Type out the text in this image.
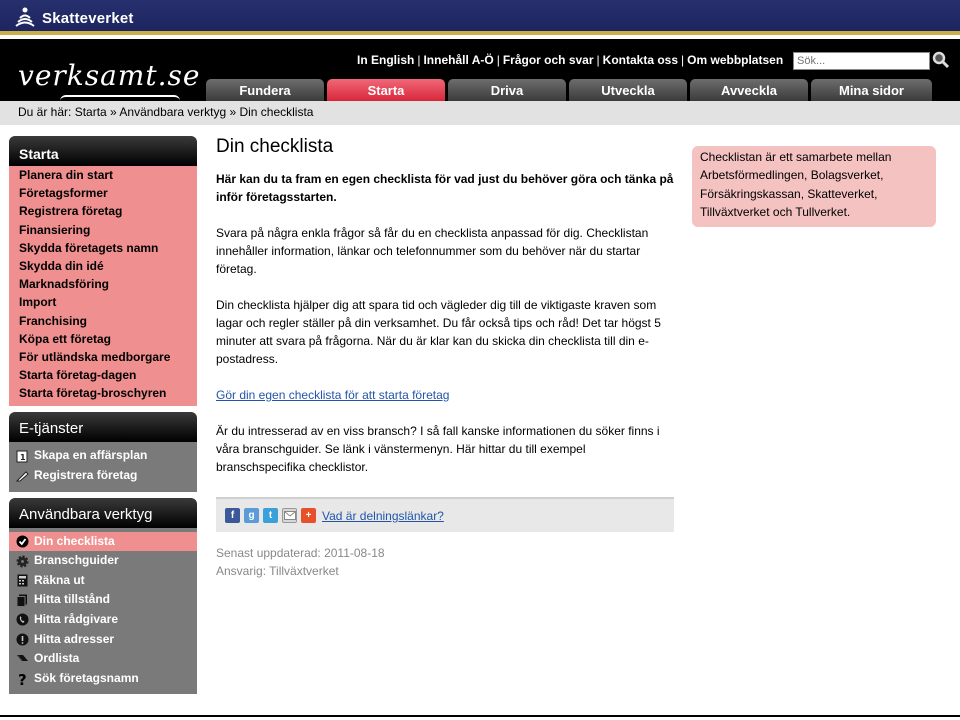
Skatteverket
verksamt.se	In English | Innehåll A-Ö | Frågor och svar | Kontakta oss | Om webbplatsen
Sök...
Fundera	Starta	Driva	Utveckla	Avveckla	Mina sidor
Du är här: Starta » Användbara verktyg » Din checklista
Starta
Planera din start
Företagsformer
Registrera företag
Finansiering
Skydda företagets namn
Skydda din idé
Marknadsföring
Import
Franchising
Köpa ett företag
För utländska medborgare
Starta företag-dagen
Starta företag-broschyren
E-tjänster
1 Skapa en affärsplan
Registrera företag
Användbara verktyg
Din checklista
Branschguider
Räkna ut
Hitta tillstånd
Hitta rådgivare
Hitta adresser
Ordlista
? Sök företagsnamn
Din checklista

Här kan du ta fram en egen checklista för vad just du behöver göra och tänka på inför företagsstarten.

Svara på några enkla frågor så får du en checklista anpassad för dig. Checklistan innehåller information, länkar och telefonnummer som du behöver när du startar företag.

Din checklista hjälper dig att spara tid och vägleder dig till de viktigaste kraven som lagar och regler ställer på din verksamhet. Du får också tips och råd! Det tar högst 5 minuter att svara på frågorna. När du är klar kan du skicka din checklista till din e-postadress.

Gör din egen checklista för att starta företag

Är du intresserad av en viss bransch? I så fall kanske informationen du söker finns i våra branschguider. Se länk i vänstermenyn. Här hittar du till exempel branschspecifika checklistor.

f	g	t	+ Vad är delningslänkar?
Senast uppdaterad: 2011-08-18
Ansvarig: Tillväxtverket
Checklistan är ett samarbete mellan Arbetsförmedlingen, Bolagsverket, Försäkringskassan, Skatteverket, Tillväxtverket och Tullverket.
